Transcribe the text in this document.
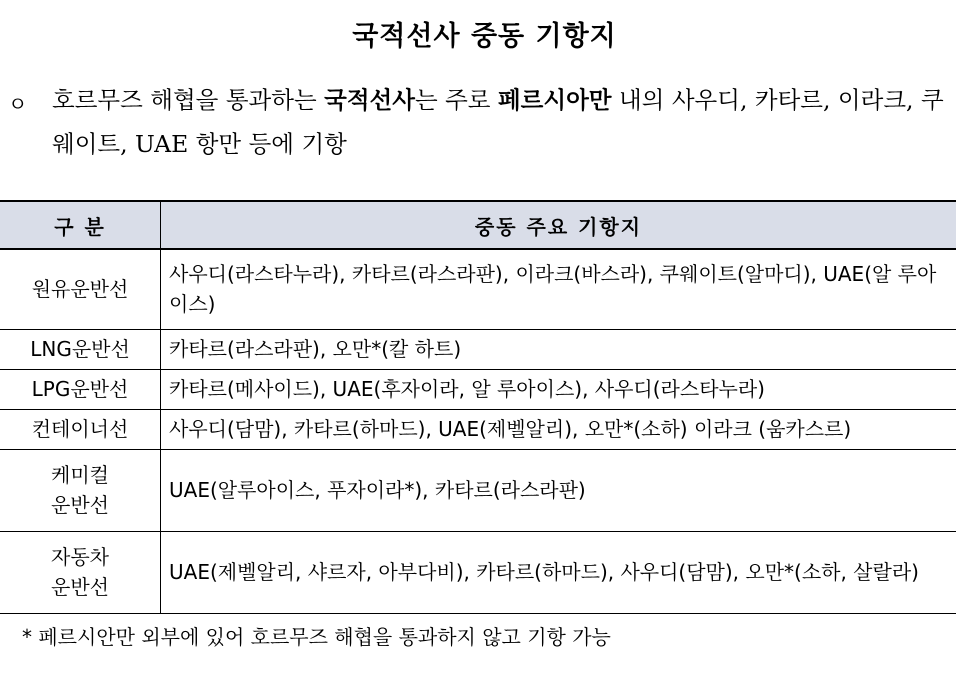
국적선사 중동 기항지
ㅇ 호르무즈 해협을 통과하는 국적선사는 주로 페르시아만 내의 사우디, 카타르, 이라크, 쿠웨이트, UAE 항만 등에 기항
구 분	중동 주요 기항지
원유운반선	사우디(라스타누라), 카타르(라스라판), 이라크(바스라), 쿠웨이트(알마디), UAE(알 루아이스)
LNG운반선	카타르(라스라판), 오만*(칼 하트)
LPG운반선	카타르(메사이드), UAE(후자이라, 알 루아이스), 사우디(라스타누라)
컨테이너선	사우디(담맘), 카타르(하마드), UAE(제벨알리), 오만*(소하) 이라크 (움카스르)

케미컬
운반선	UAE(알루아이스, 푸자이라*), 카타르(라스라판)

자동차
운반선	UAE(제벨알리, 샤르자, 아부다비), 카타르(하마드), 사우디(담맘), 오만*(소하, 살랄라)
* 페르시안만 외부에 있어 호르무즈 해협을 통과하지 않고 기항 가능
